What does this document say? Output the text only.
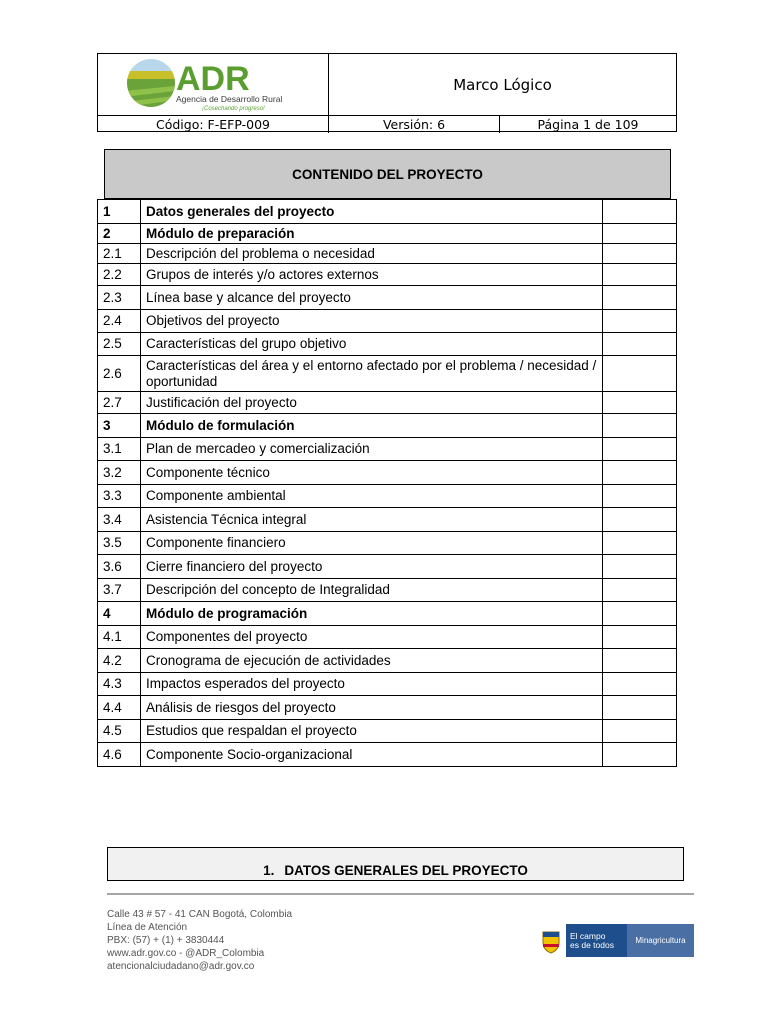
ADR
Agencia de Desarrollo Rural
¡Cosechando progreso!
Marco Lógico
Código: F-EFP-009	Versión: 6	Página 1 de 109
CONTENIDO DEL PROYECTO
1	Datos generales del proyecto	
2	Módulo de preparación	
2.1	Descripción del problema o necesidad	
2.2	Grupos de interés y/o actores externos	
2.3	Línea base y alcance del proyecto	
2.4	Objetivos del proyecto	
2.5	Características del grupo objetivo	
2.6	Características del área y el entorno afectado por el problema / necesidad / oportunidad	
2.7	Justificación del proyecto	
3	Módulo de formulación	
3.1	Plan de mercadeo y comercialización	
3.2	Componente técnico	
3.3	Componente ambiental	
3.4	Asistencia Técnica integral	
3.5	Componente financiero	
3.6	Cierre financiero del proyecto	
3.7	Descripción del concepto de Integralidad	
4	Módulo de programación	
4.1	Componentes del proyecto	
4.2	Cronograma de ejecución de actividades	
4.3	Impactos esperados del proyecto	
4.4	Análisis de riesgos del proyecto	
4.5	Estudios que respaldan el proyecto	
4.6	Componente Socio-organizacional	
1. DATOS GENERALES DEL PROYECTO
Calle 43 # 57 - 41 CAN Bogotá, Colombia
Línea de Atención
PBX: (57) + (1) + 3830444
www.adr.gov.co - @ADR_Colombia
atencionalciudadano@adr.gov.co
El campo
es de todos	Minagricultura
